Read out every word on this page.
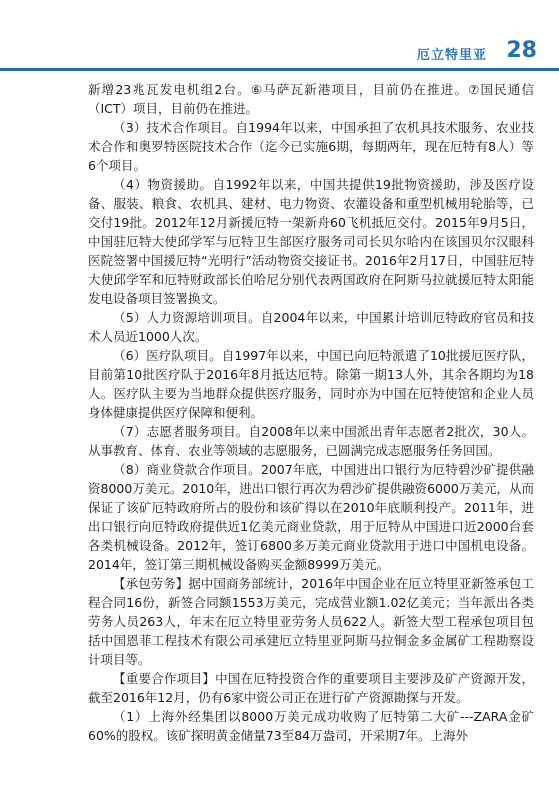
厄立特里亚 28

新增23兆瓦发电机组2台。⑥马萨瓦新港项目，目前仍在推进。⑦国民通信（ICT）项目，目前仍在推进。

（3）技术合作项目。自1994年以来，中国承担了农机具技术服务、农业技术合作和奥罗特医院技术合作（迄今已实施6期，每期两年，现在厄特有8人）等6个项目。

（4）物资援助。自1992年以来，中国共提供19批物资援助，涉及医疗设备、服装、粮食、农机具、建材、电力物资、农灌设备和重型机械用轮胎等，已交付19批。2012年12月新援厄特一架新舟60飞机抵厄交付。2015年9月5日，中国驻厄特大使邱学军与厄特卫生部医疗服务司司长贝尔哈内在该国贝尔汉眼科医院签署中国援厄特“光明行”活动物资交接证书。2016年2月17日，中国驻厄特大使邱学军和厄特财政部长伯哈尼分别代表两国政府在阿斯马拉就援厄特太阳能发电设备项目签署换文。

（5）人力资源培训项目。自2004年以来，中国累计培训厄特政府官员和技术人员近1000人次。

（6）医疗队项目。自1997年以来，中国已向厄特派遣了10批援厄医疗队，目前第10批医疗队于2016年8月抵达厄特。除第一期13人外，其余各期均为18人。医疗队主要为当地群众提供医疗服务，同时亦为中国在厄特使馆和企业人员身体健康提供医疗保障和便利。

（7）志愿者服务项目。自2008年以来中国派出青年志愿者2批次，30人。从事教育、体育、农业等领域的志愿服务，已圆满完成志愿服务任务回国。

（8）商业贷款合作项目。2007年底，中国进出口银行为厄特碧沙矿提供融资8000万美元。2010年，进出口银行再次为碧沙矿提供融资6000万美元，从而保证了该矿厄特政府所占的股份和该矿得以在2010年底顺利投产。2011年，进出口银行向厄特政府提供近1亿美元商业贷款，用于厄特从中国进口近2000台套各类机械设备。2012年，签订6800多万美元商业贷款用于进口中国机电设备。2014年，签订第三期机械设备购买金额8999万美元。

【承包劳务】据中国商务部统计，2016年中国企业在厄立特里亚新签承包工程合同16份，新签合同额1553万美元，完成营业额1.02亿美元；当年派出各类劳务人员263人，年末在厄立特里亚劳务人员622人。新签大型工程承包项目包括中国恩菲工程技术有限公司承建厄立特里亚阿斯马拉铜金多金属矿工程勘察设计项目等。

【重要合作项目】中国在厄特投资合作的重要项目主要涉及矿产资源开发，截至2016年12月，仍有6家中资公司正在进行矿产资源勘探与开发。

（1）上海外经集团以8000万美元成功收购了厄特第二大矿---ZARA金矿60%的股权。该矿探明黄金储量73至84万盎司，开采期7年。上海外
